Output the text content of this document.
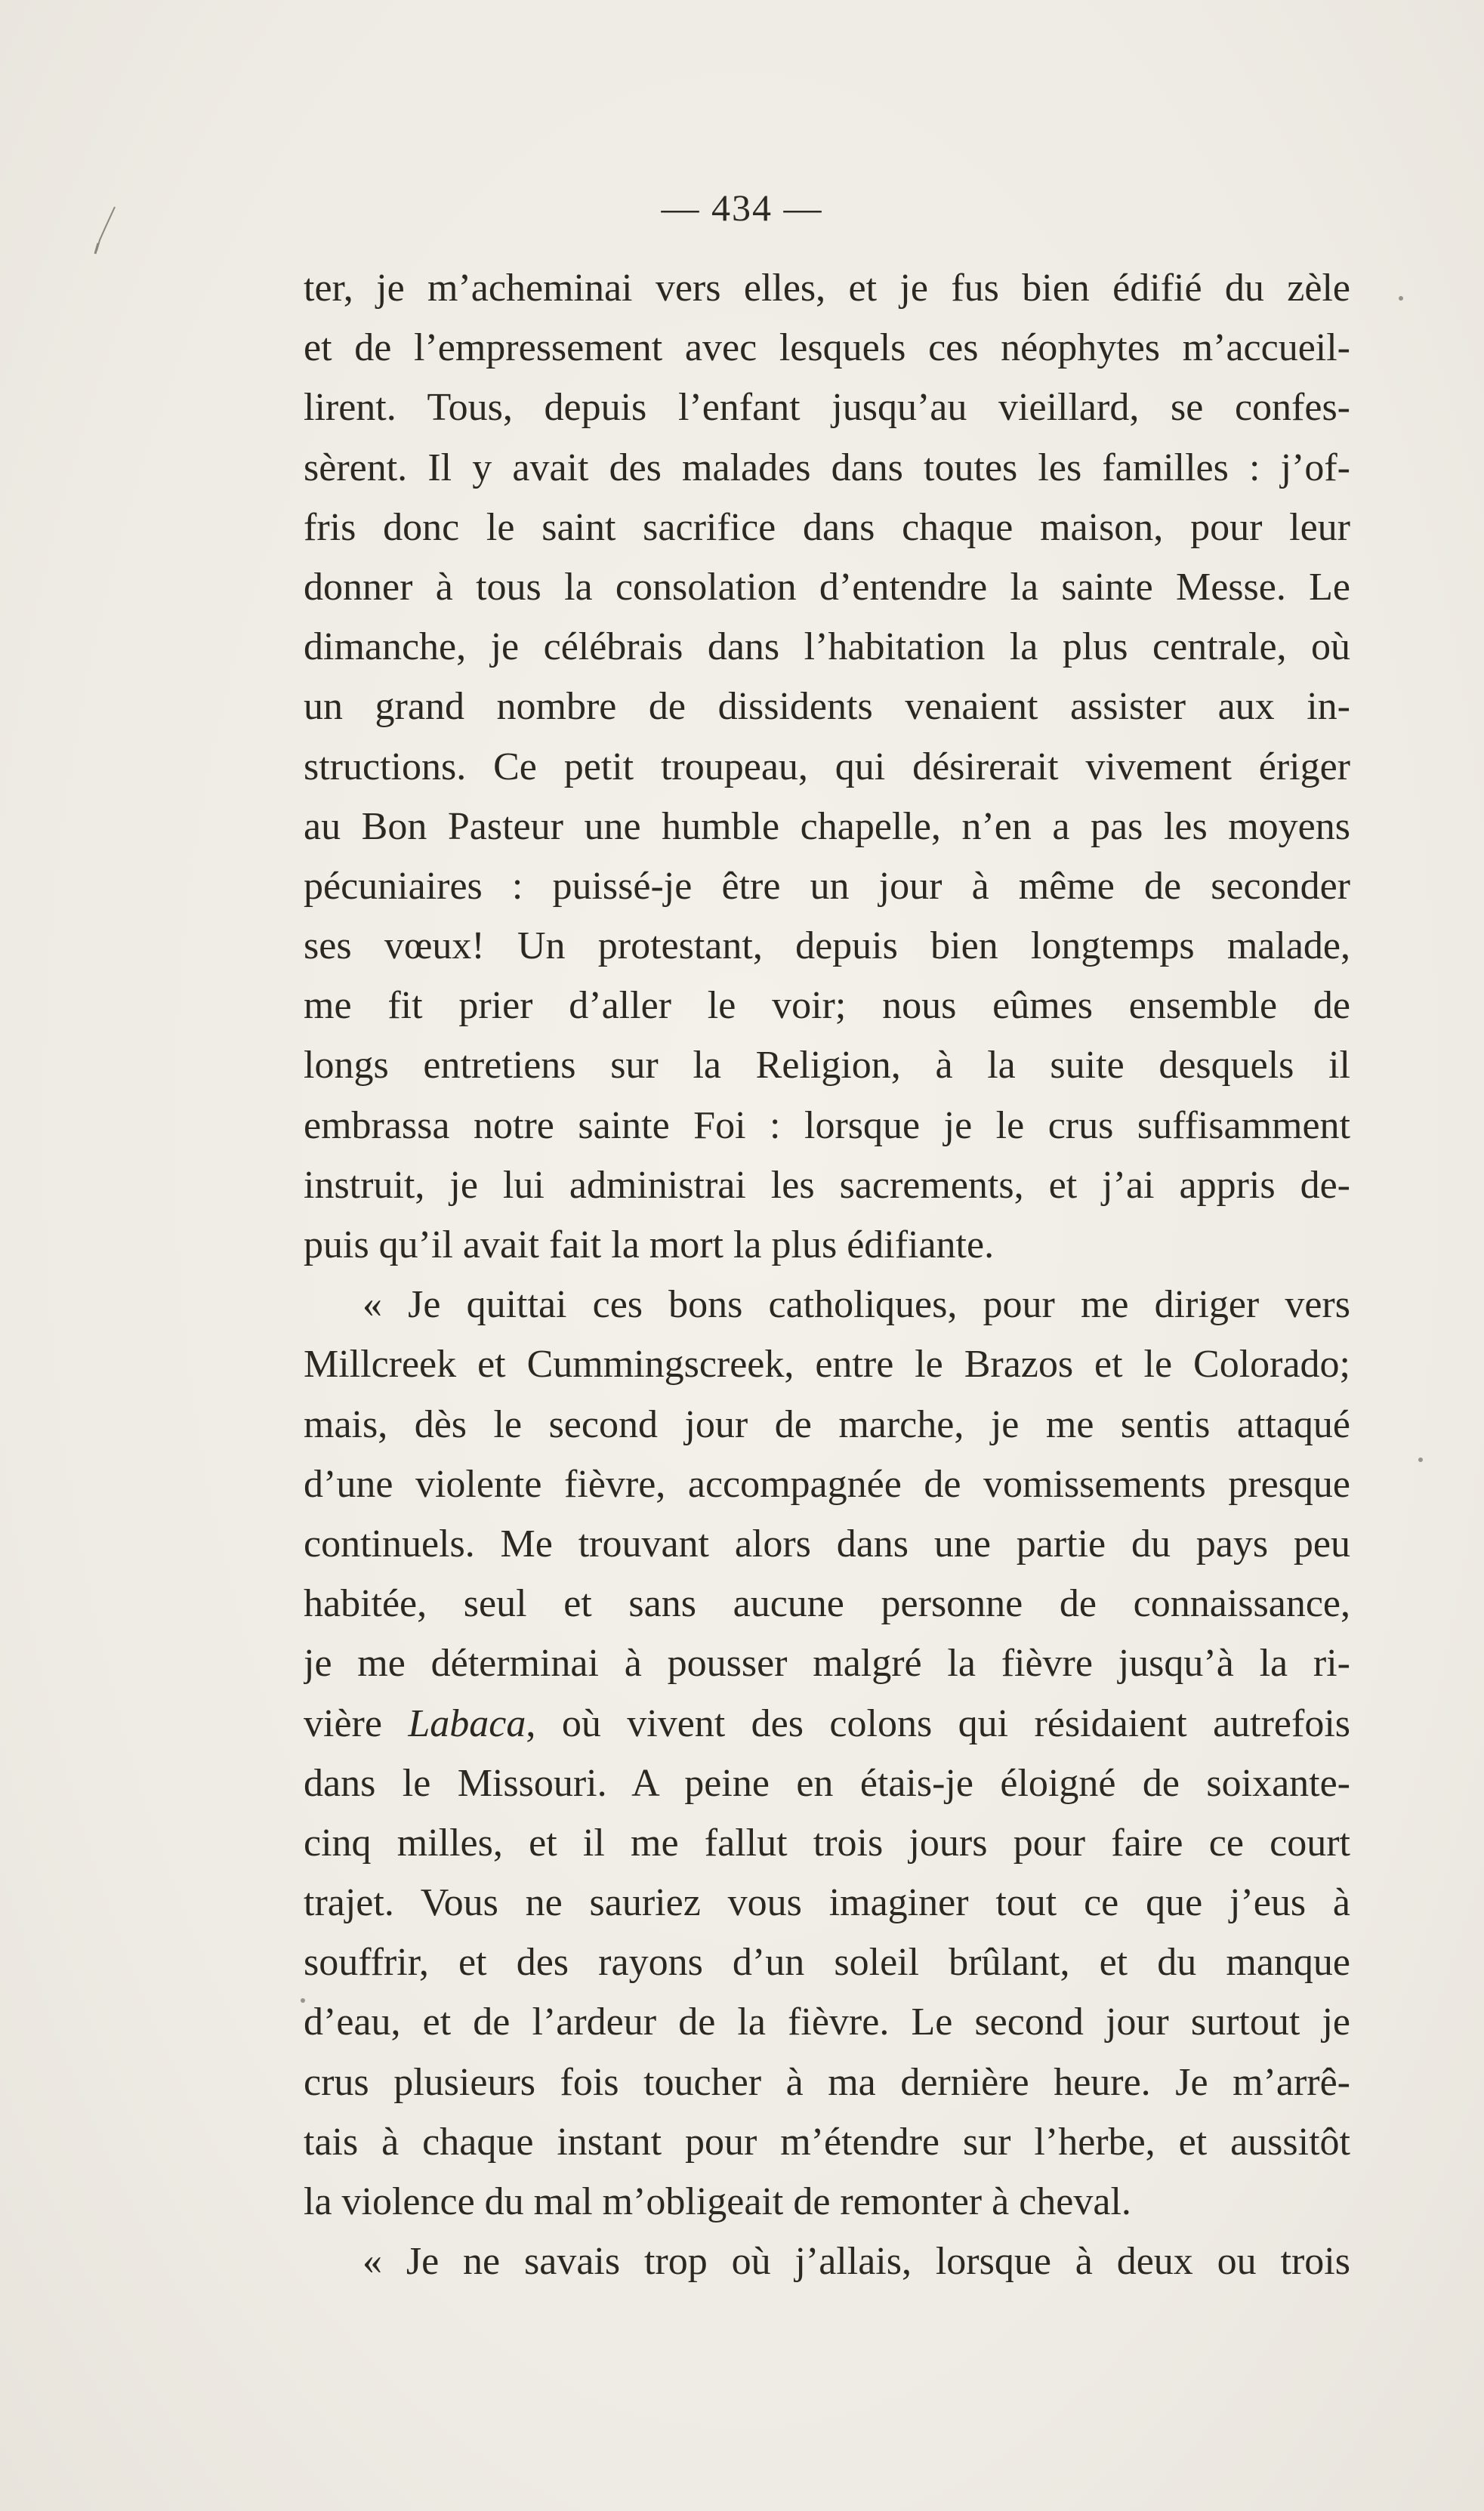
— 434 —
ter, je m’acheminai vers elles, et je fus bien édifié du zèle
et de l’empressement avec lesquels ces néophytes m’accueil-
lirent. Tous, depuis l’enfant jusqu’au vieillard, se confes-
sèrent. Il y avait des malades dans toutes les familles : j’of-
fris donc le saint sacrifice dans chaque maison, pour leur
donner à tous la consolation d’entendre la sainte Messe. Le
dimanche, je célébrais dans l’habitation la plus centrale, où
un grand nombre de dissidents venaient assister aux in-
structions. Ce petit troupeau, qui désirerait vivement ériger
au Bon Pasteur une humble chapelle, n’en a pas les moyens
pécuniaires : puissé-je être un jour à même de seconder
ses vœux! Un protestant, depuis bien longtemps malade,
me fit prier d’aller le voir; nous eûmes ensemble de
longs entretiens sur la Religion, à la suite desquels il
embrassa notre sainte Foi : lorsque je le crus suffisamment
instruit, je lui administrai les sacrements, et j’ai appris de-
puis qu’il avait fait la mort la plus édifiante.
« Je quittai ces bons catholiques, pour me diriger vers
Millcreek et Cummingscreek, entre le Brazos et le Colorado;
mais, dès le second jour de marche, je me sentis attaqué
d’une violente fièvre, accompagnée de vomissements presque
continuels. Me trouvant alors dans une partie du pays peu
habitée, seul et sans aucune personne de connaissance,
je me déterminai à pousser malgré la fièvre jusqu’à la ri-
vière Labaca, où vivent des colons qui résidaient autrefois
dans le Missouri. A peine en étais-je éloigné de soixante-
cinq milles, et il me fallut trois jours pour faire ce court
trajet. Vous ne sauriez vous imaginer tout ce que j’eus à
souffrir, et des rayons d’un soleil brûlant, et du manque
d’eau, et de l’ardeur de la fièvre. Le second jour surtout je
crus plusieurs fois toucher à ma dernière heure. Je m’arrê-
tais à chaque instant pour m’étendre sur l’herbe, et aussitôt
la violence du mal m’obligeait de remonter à cheval.
« Je ne savais trop où j’allais, lorsque à deux ou trois
